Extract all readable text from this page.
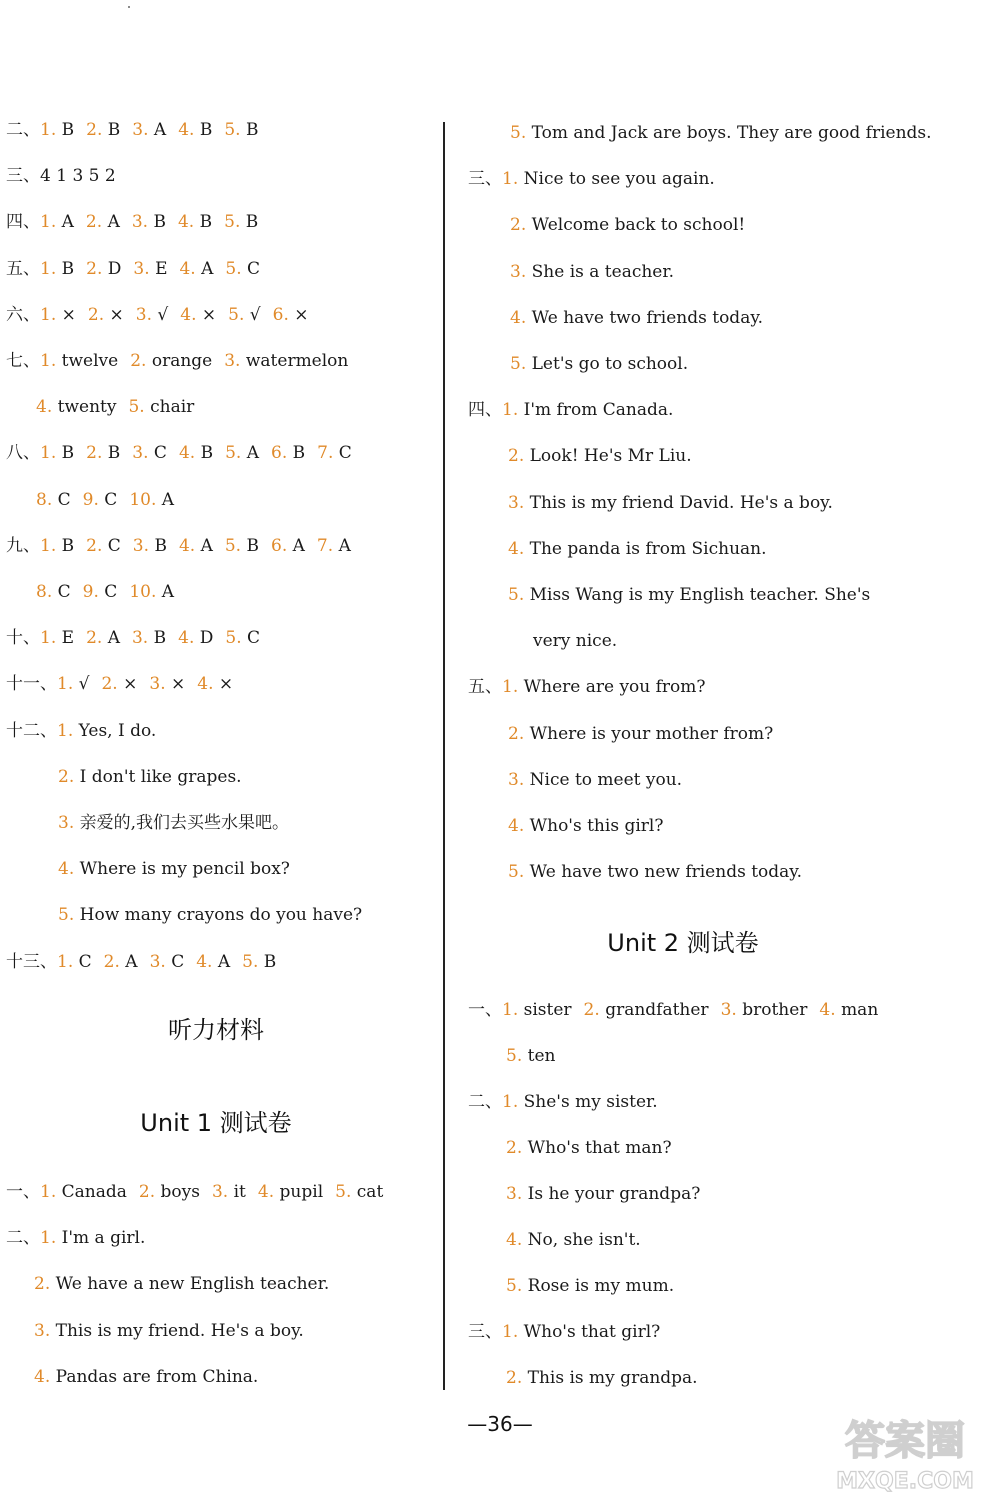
听力材料
Unit 1 测试卷
二、1. B 2. B 3. A 4. B 5. B
三、4 1 3 5 2
四、1. A 2. A 3. B 4. B 5. B
五、1. B 2. D 3. E 4. A 5. C
六、1. × 2. × 3. √ 4. × 5. √ 6. ×
七、1. twelve 2. orange 3. watermelon
4. twenty 5. chair
八、1. B 2. B 3. C 4. B 5. A 6. B 7. C
8. C 9. C 10. A
九、1. B 2. C 3. B 4. A 5. B 6. A 7. A
8. C 9. C 10. A
十、1. E 2. A 3. B 4. D 5. C
十一、1. √ 2. × 3. × 4. ×
十二、1. Yes, I do.
2. I don't like grapes.
3. 亲爱的,我们去买些水果吧。
4. Where is my pencil box?
5. How many crayons do you have?
十三、1. C 2. A 3. C 4. A 5. B
一、1. Canada 2. boys 3. it 4. pupil 5. cat
二、1. I'm a girl.
2. We have a new English teacher.
3. This is my friend. He's a boy.
4. Pandas are from China.
Unit 2 测试卷
5. Tom and Jack are boys. They are good friends.
三、1. Nice to see you again.
2. Welcome back to school!
3. She is a teacher.
4. We have two friends today.
5. Let's go to school.
四、1. I'm from Canada.
2. Look! He's Mr Liu.
3. This is my friend David. He's a boy.
4. The panda is from Sichuan.
5. Miss Wang is my English teacher. She's
very nice.
五、1. Where are you from?
2. Where is your mother from?
3. Nice to meet you.
4. Who's this girl?
5. We have two new friends today.
一、1. sister 2. grandfather 3. brother 4. man
5. ten
二、1. She's my sister.
2. Who's that man?
3. Is he your grandpa?
4. No, she isn't.
5. Rose is my mum.
三、1. Who's that girl?
2. This is my grandpa.
—36—	答案圈
MXQE.COM
